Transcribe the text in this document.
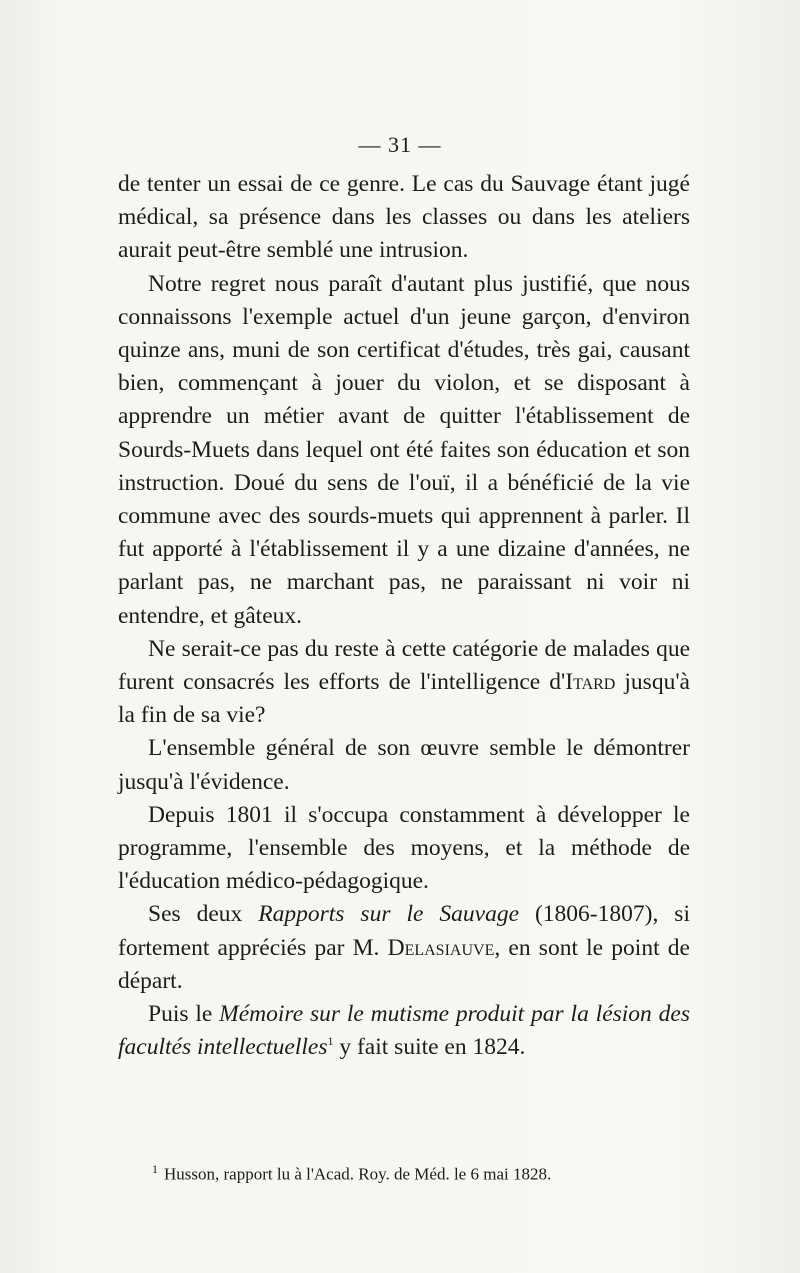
— 31 —

de tenter un essai de ce genre. Le cas du Sauvage étant jugé médical, sa présence dans les classes ou dans les ateliers aurait peut-être semblé une intrusion.

Notre regret nous paraît d'autant plus justifié, que nous connaissons l'exemple actuel d'un jeune garçon, d'environ quinze ans, muni de son certificat d'études, très gai, causant bien, commençant à jouer du violon, et se disposant à apprendre un métier avant de quitter l'établissement de Sourds-Muets dans lequel ont été faites son éducation et son instruction. Doué du sens de l'ouï, il a bénéficié de la vie commune avec des sourds-muets qui apprennent à parler. Il fut apporté à l'établissement il y a une dizaine d'années, ne parlant pas, ne marchant pas, ne paraissant ni voir ni entendre, et gâteux.

Ne serait-ce pas du reste à cette catégorie de malades que furent consacrés les efforts de l'intelligence d'Itard jusqu'à la fin de sa vie?

L'ensemble général de son œuvre semble le démontrer jusqu'à l'évidence.

Depuis 1801 il s'occupa constamment à développer le programme, l'ensemble des moyens, et la méthode de l'éducation médico-pédagogique.

Ses deux Rapports sur le Sauvage (1806-1807), si fortement appréciés par M. Delasiauve, en sont le point de départ.

Puis le Mémoire sur le mutisme produit par la lésion des facultés intellectuelles$^1$ y fait suite en 1824.

$^1$ Husson, rapport lu à l'Acad. Roy. de Méd. le 6 mai 1828.
